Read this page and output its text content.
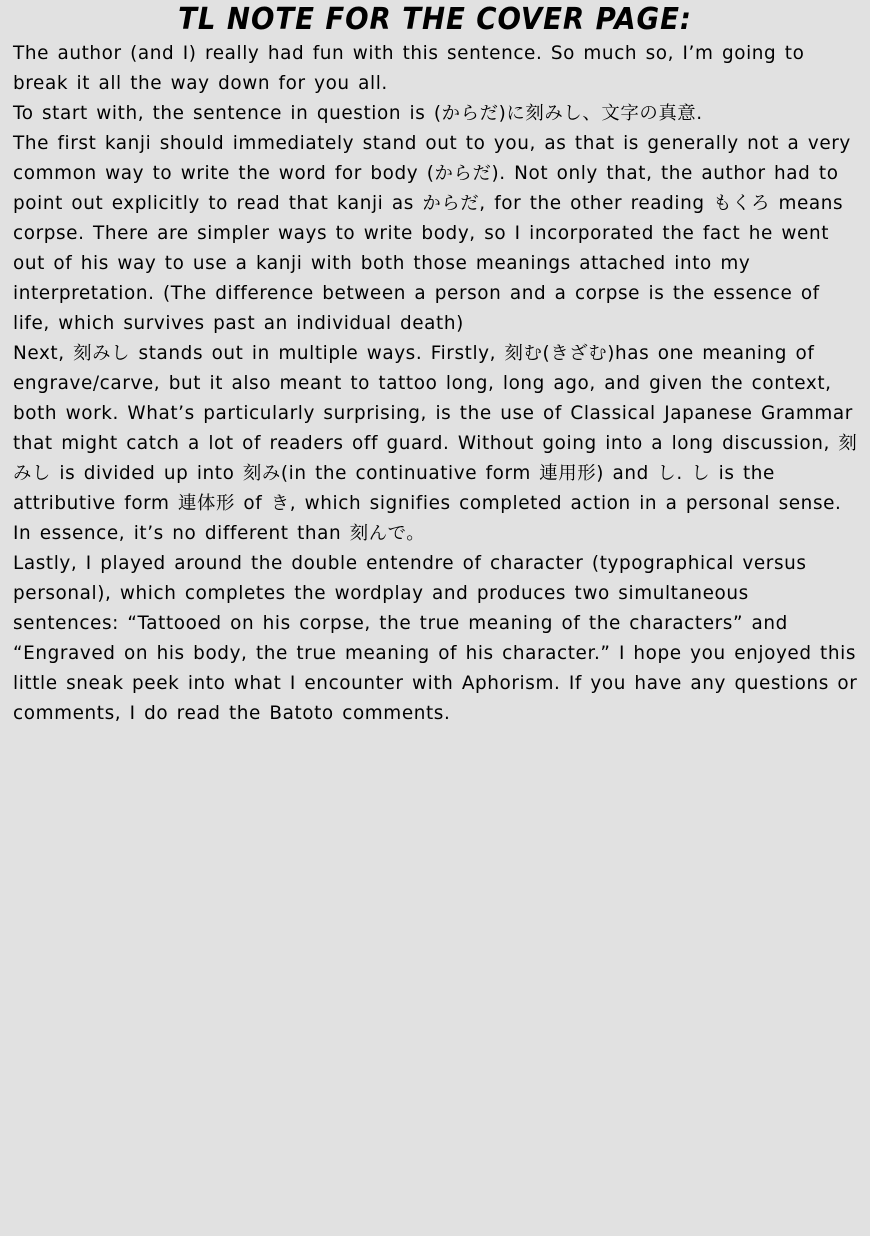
TL NOTE FOR THE COVER PAGE:

The author (and I) really had fun with this sentence. So much so, I’m going to break it all the way down for you all.

To start with, the sentence in question is (からだ)に刻みし、文字の真意.

The first kanji should immediately stand out to you, as that is generally not a very common way to write the word for body (からだ). Not only that, the author had to point out explicitly to read that kanji as からだ, for the other reading もくろ means corpse. There are simpler ways to write body, so I incorporated the fact he went out of his way to use a kanji with both those meanings attached into my interpretation. (The difference between a person and a corpse is the essence of life, which survives past an individual death)

Next, 刻みし stands out in multiple ways. Firstly, 刻む(きざむ)has one meaning of engrave/carve, but it also meant to tattoo long, long ago, and given the context, both work. What’s particularly surprising, is the use of Classical Japanese Grammar that might catch a lot of readers off guard. Without going into a long discussion, 刻みし is divided up into 刻み(in the continuative form 連用形) and し. し is the attributive form 連体形 of き, which signifies completed action in a personal sense. In essence, it’s no different than 刻んで。

Lastly, I played around the double entendre of character (typographical versus personal), which completes the wordplay and produces two simultaneous sentences: “Tattooed on his corpse, the true meaning of the characters” and “Engraved on his body, the true meaning of his character.” I hope you enjoyed this little sneak peek into what I encounter with Aphorism. If you have any questions or comments, I do read the Batoto comments.
